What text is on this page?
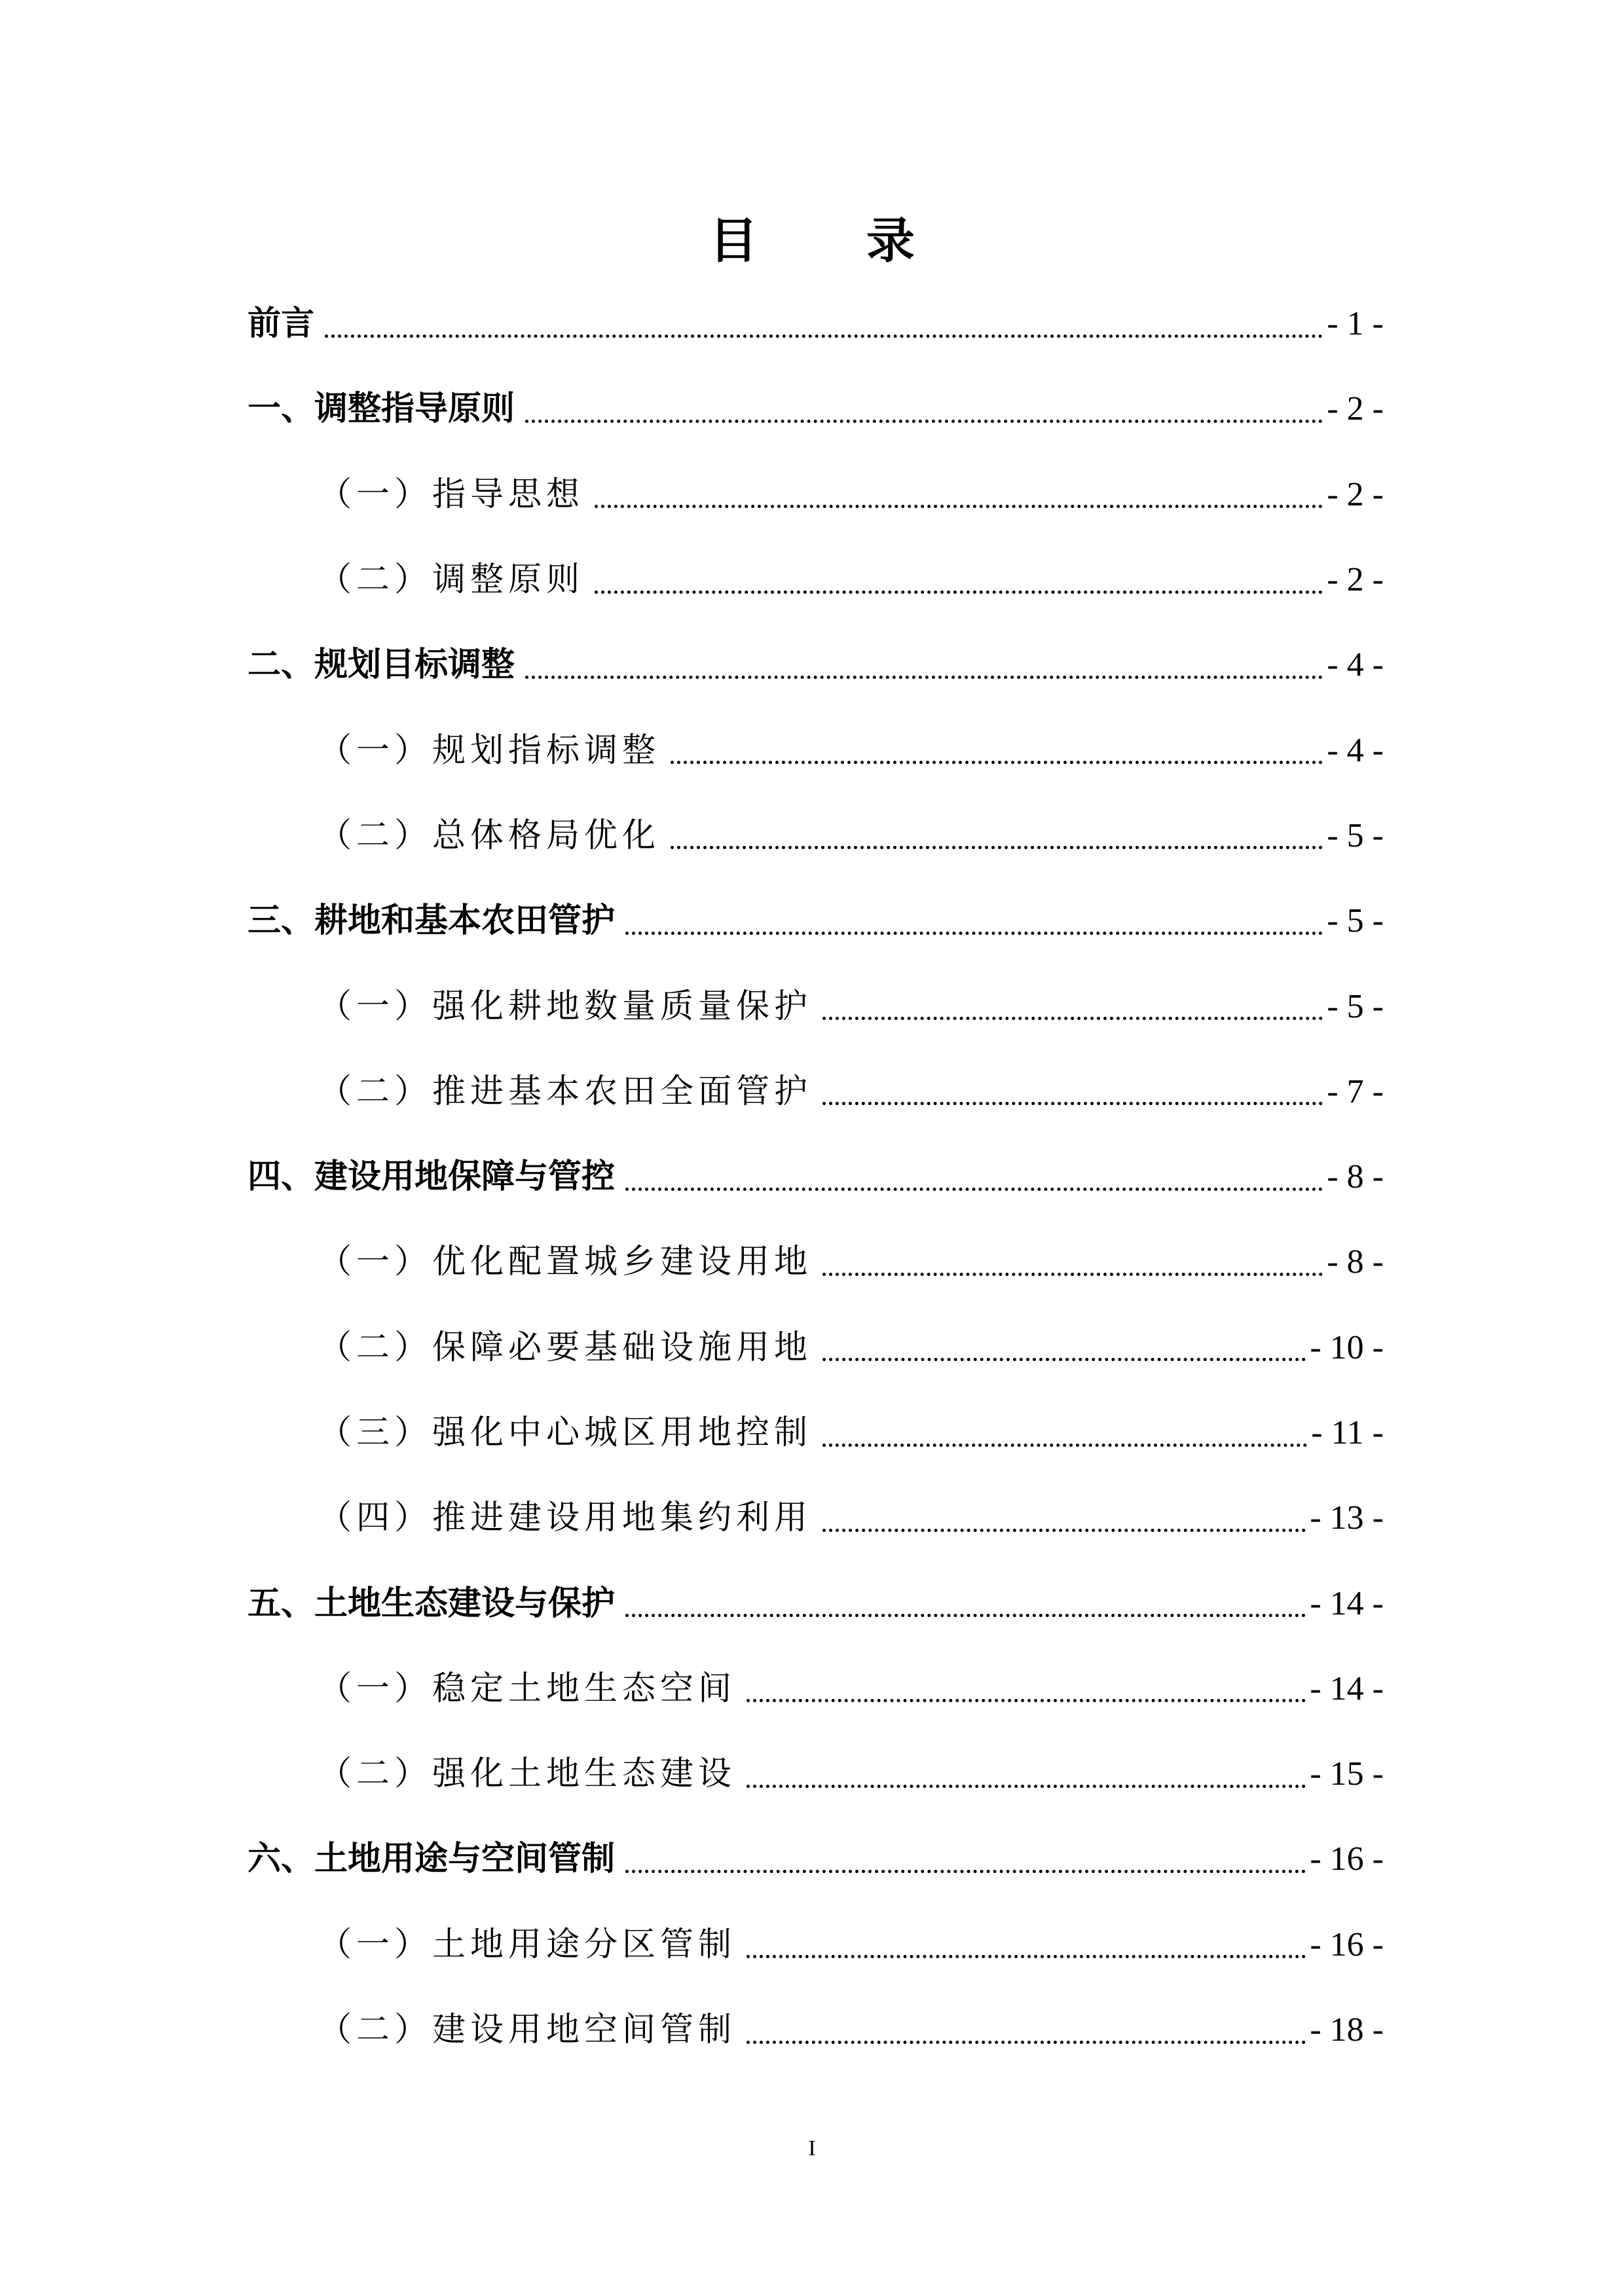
目 录
前言	- 1 -
一、调整指导原则	- 2 -
（一）指导思想	- 2 -
（二）调整原则	- 2 -
二、规划目标调整	- 4 -
（一）规划指标调整	- 4 -
（二）总体格局优化	- 5 -
三、耕地和基本农田管护	- 5 -
（一）强化耕地数量质量保护	- 5 -
（二）推进基本农田全面管护	- 7 -
四、建设用地保障与管控	- 8 -
（一）优化配置城乡建设用地	- 8 -
（二）保障必要基础设施用地	- 10 -
（三）强化中心城区用地控制	- 11 -
（四）推进建设用地集约利用	- 13 -
五、土地生态建设与保护	- 14 -
（一）稳定土地生态空间	- 14 -
（二）强化土地生态建设	- 15 -
六、土地用途与空间管制	- 16 -
（一）土地用途分区管制	- 16 -
（二）建设用地空间管制	- 18 -
I
